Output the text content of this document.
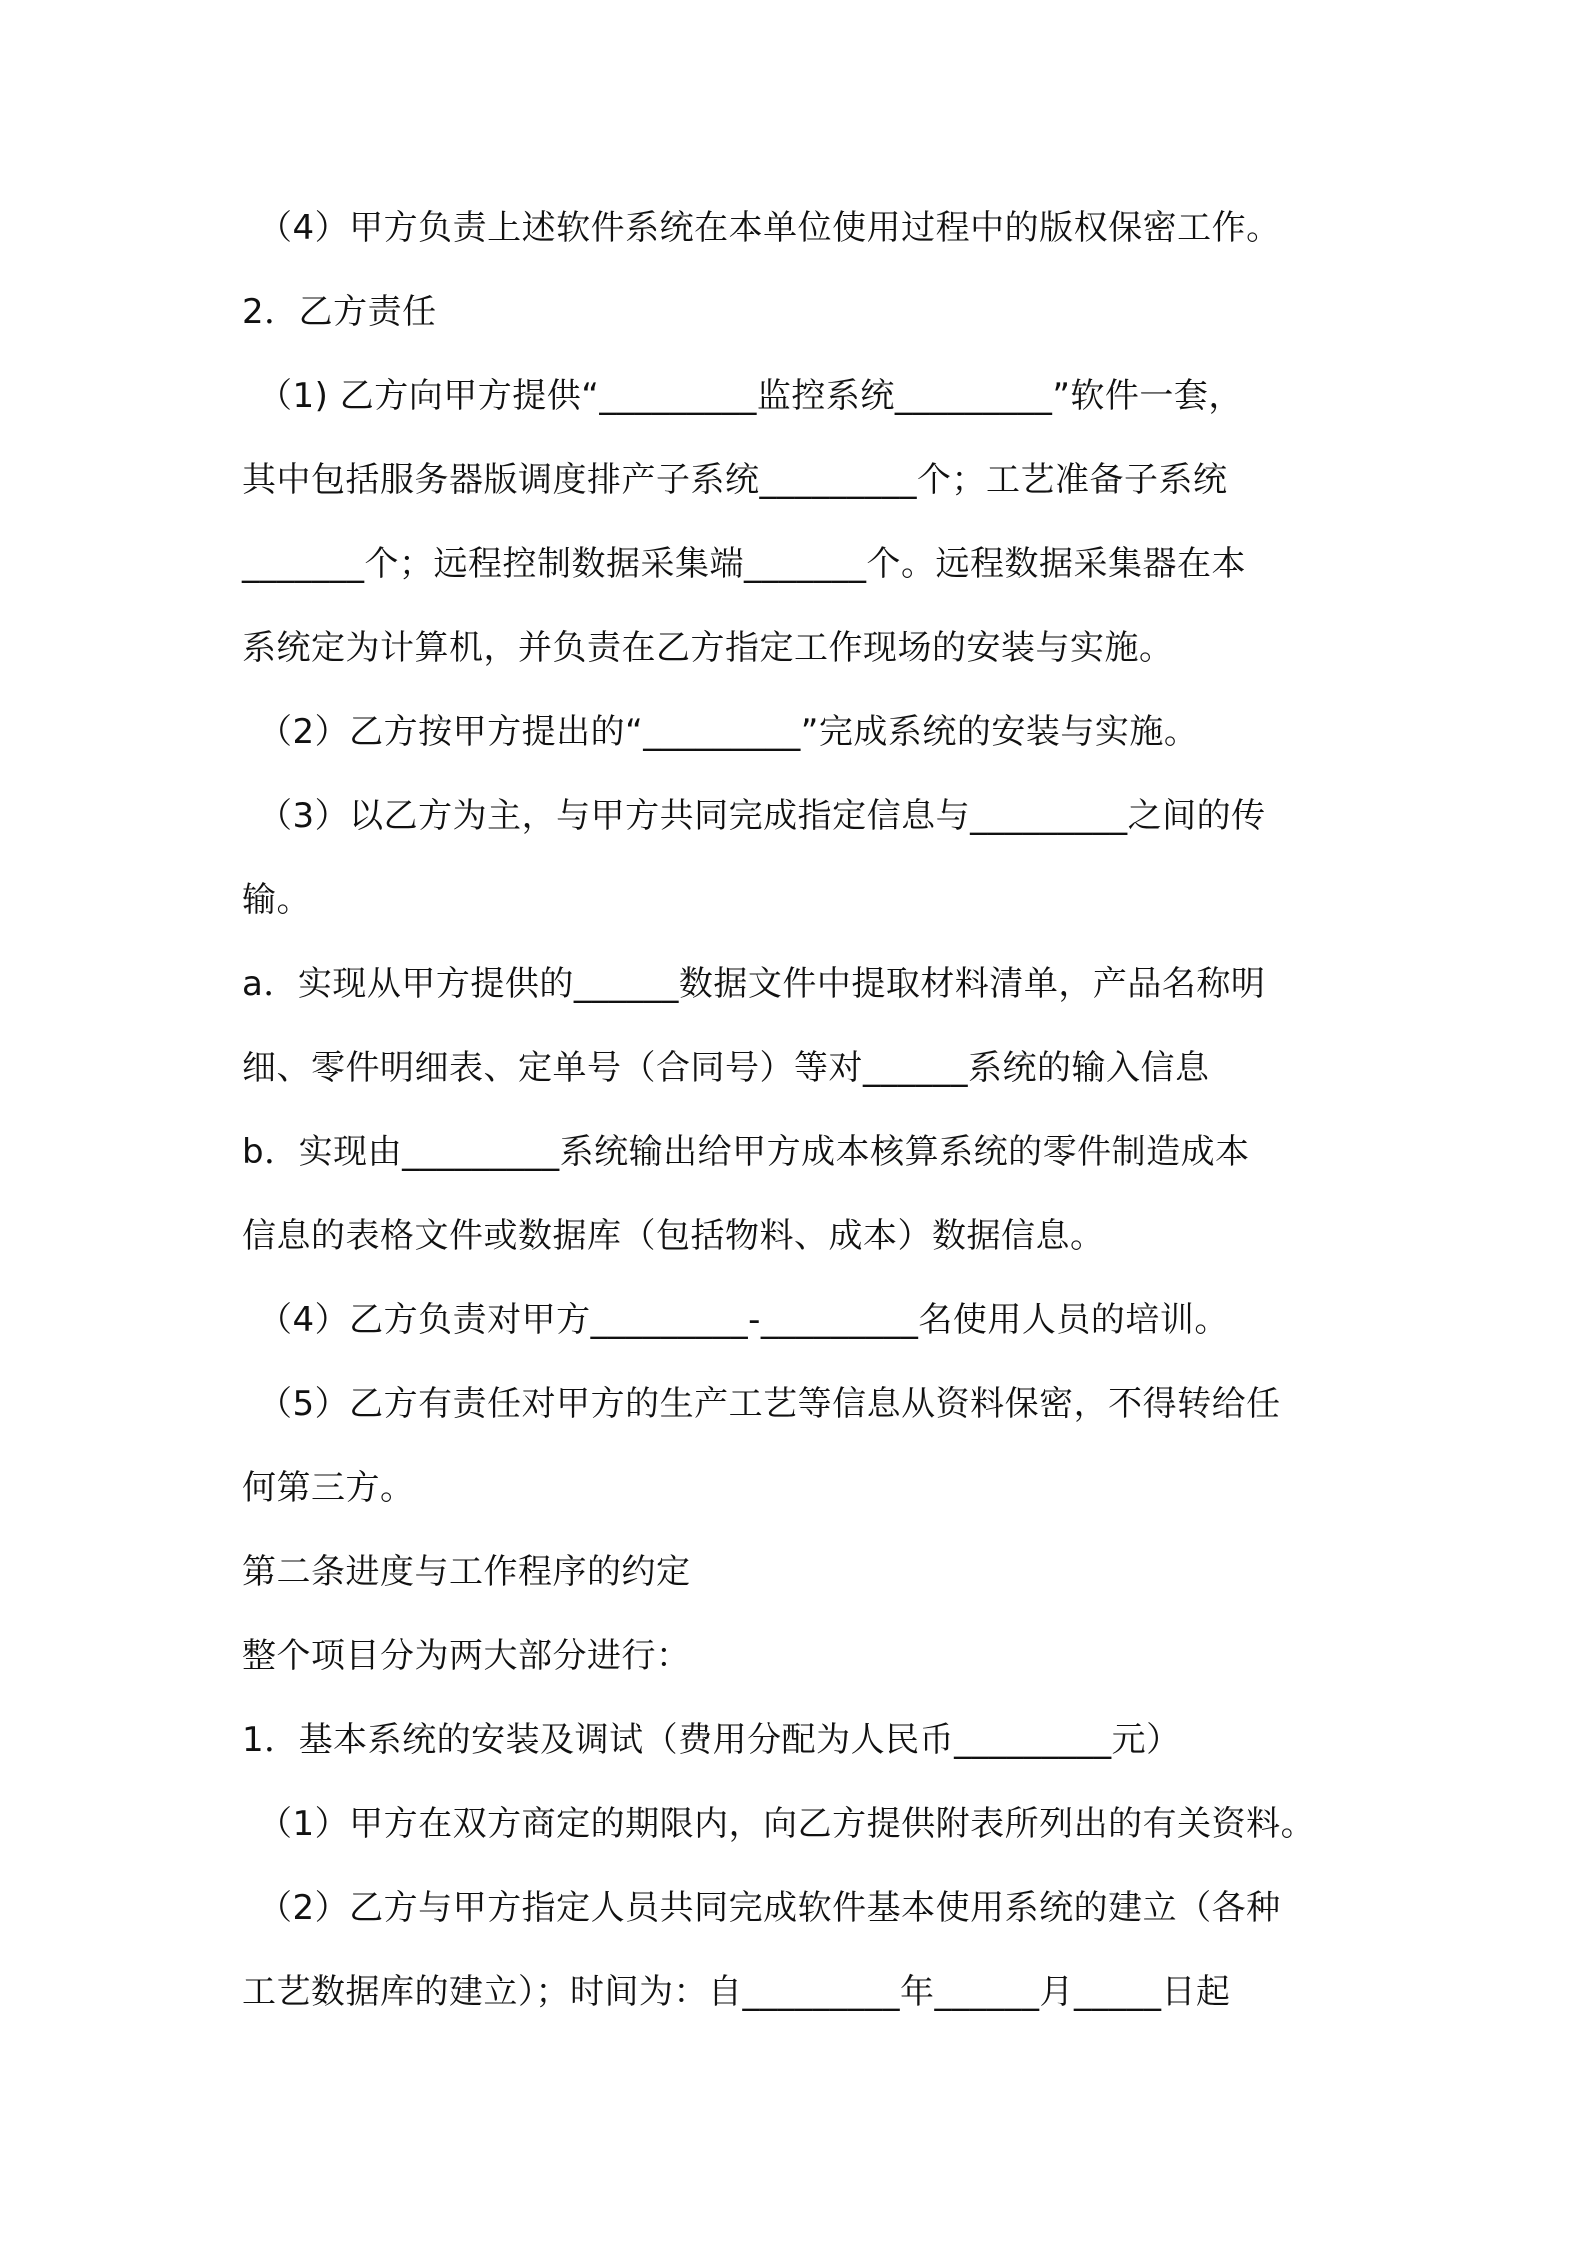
（4）甲方负责上述软件系统在本单位使用过程中的版权保密工作。
2．乙方责任
（1) 乙方向甲方提供“_________监控系统_________”软件一套，
其中包括服务器版调度排产子系统_________个；工艺准备子系统
_______个；远程控制数据采集端_______个。远程数据采集器在本
系统定为计算机，并负责在乙方指定工作现场的安装与实施。
（2）乙方按甲方提出的“_________”完成系统的安装与实施。
（3）以乙方为主，与甲方共同完成指定信息与_________之间的传
输。
a．实现从甲方提供的______数据文件中提取材料清单，产品名称明
细、零件明细表、定单号（合同号）等对______系统的输入信息
b．实现由_________系统输出给甲方成本核算系统的零件制造成本
信息的表格文件或数据库（包括物料、成本）数据信息。
（4）乙方负责对甲方_________-_________名使用人员的培训。
（5）乙方有责任对甲方的生产工艺等信息从资料保密，不得转给任
何第三方。
第二条进度与工作程序的约定
整个项目分为两大部分进行：
1．基本系统的安装及调试（费用分配为人民币_________元）
（1）甲方在双方商定的期限内，向乙方提供附表所列出的有关资料。
（2）乙方与甲方指定人员共同完成软件基本使用系统的建立（各种
工艺数据库的建立）；时间为：自_________年______月_____日起
